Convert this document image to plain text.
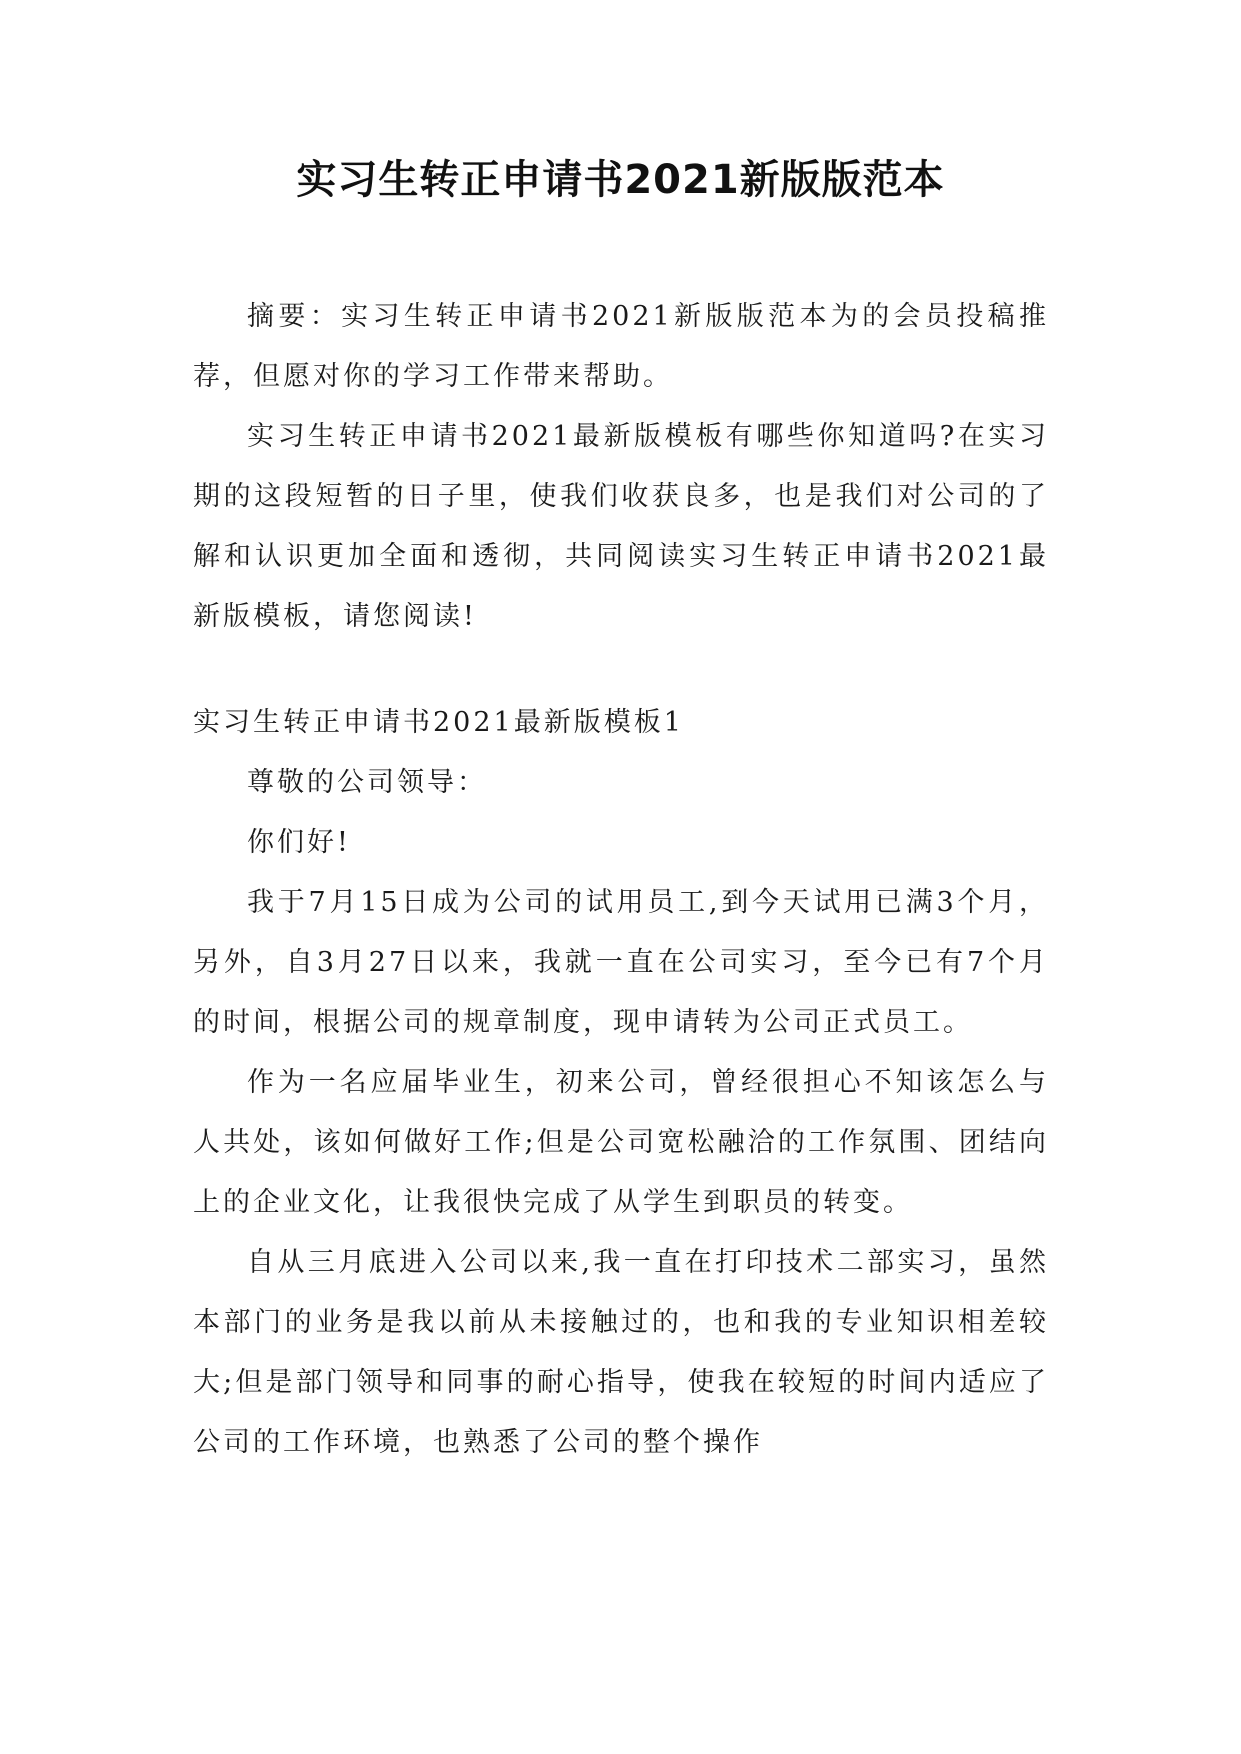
实习生转正申请书2021新版版范本

摘要：实习生转正申请书2021新版版范本为的会员投稿推荐，但愿对你的学习工作带来帮助。

实习生转正申请书2021最新版模板有哪些你知道吗?在实习期的这段短暂的日子里，使我们收获良多，也是我们对公司的了解和认识更加全面和透彻，共同阅读实习生转正申请书2021最新版模板，请您阅读!

实习生转正申请书2021最新版模板1

尊敬的公司领导：

你们好!

我于7月15日成为公司的试用员工,到今天试用已满3个月，另外，自3月27日以来，我就一直在公司实习，至今已有7个月的时间，根据公司的规章制度，现申请转为公司正式员工。

作为一名应届毕业生，初来公司，曾经很担心不知该怎么与人共处，该如何做好工作;但是公司宽松融洽的工作氛围、团结向上的企业文化，让我很快完成了从学生到职员的转变。

自从三月底进入公司以来,我一直在打印技术二部实习，虽然本部门的业务是我以前从未接触过的，也和我的专业知识相差较大;但是部门领导和同事的耐心指导，使我在较短的时间内适应了公司的工作环境，也熟悉了公司的整个操作
